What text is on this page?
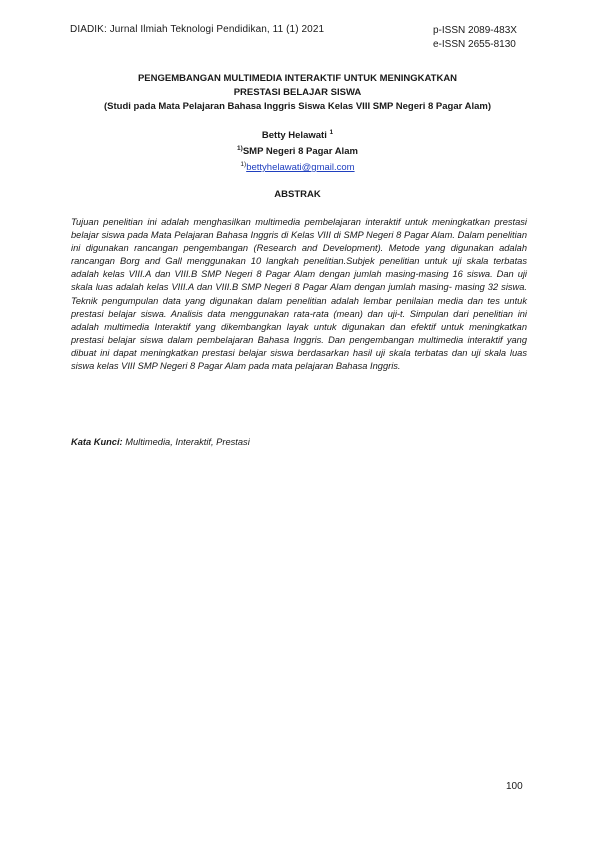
DIADIK: Jurnal Ilmiah Teknologi Pendidikan, 11 (1) 2021	p-ISSN 2089-483X
e-ISSN 2655-8130
PENGEMBANGAN MULTIMEDIA INTERAKTIF UNTUK MENINGKATKAN
PRESTASI BELAJAR SISWA
(Studi pada Mata Pelajaran Bahasa Inggris Siswa Kelas VIII SMP Negeri 8 Pagar Alam)
Betty Helawati $^1$
$^{1)}$SMP Negeri 8 Pagar Alam
$^{1)}$bettyhelawati@gmail.com
ABSTRAK
Tujuan penelitian ini adalah menghasilkan multimedia pembelajaran interaktif untuk meningkatkan prestasi belajar siswa pada Mata Pelajaran Bahasa Inggris di Kelas VIII di SMP Negeri 8 Pagar Alam. Dalam penelitian ini digunakan rancangan pengembangan (Research and Development). Metode yang digunakan adalah rancangan Borg and Gall menggunakan 10 langkah penelitian.Subjek penelitian untuk uji skala terbatas adalah kelas VIII.A dan VIII.B SMP Negeri 8 Pagar Alam dengan jumlah masing-masing 16 siswa. Dan uji skala luas adalah kelas VIII.A dan VIII.B SMP Negeri 8 Pagar Alam dengan jumlah masing- masing 32 siswa. Teknik pengumpulan data yang digunakan dalam penelitian adalah lembar penilaian media dan tes untuk prestasi belajar siswa. Analisis data menggunakan rata-rata (mean) dan uji-t. Simpulan dari penelitian ini adalah multimedia Interaktif yang dikembangkan layak untuk digunakan dan efektif untuk meningkatkan prestasi belajar siswa dalam pembelajaran Bahasa Inggris. Dan pengembangan multimedia interaktif yang dibuat ini dapat meningkatkan prestasi belajar siswa berdasarkan hasil uji skala terbatas dan uji skala luas siswa kelas VIII SMP Negeri 8 Pagar Alam pada mata pelajaran Bahasa Inggris.
Kata Kunci: Multimedia, Interaktif, Prestasi
100
